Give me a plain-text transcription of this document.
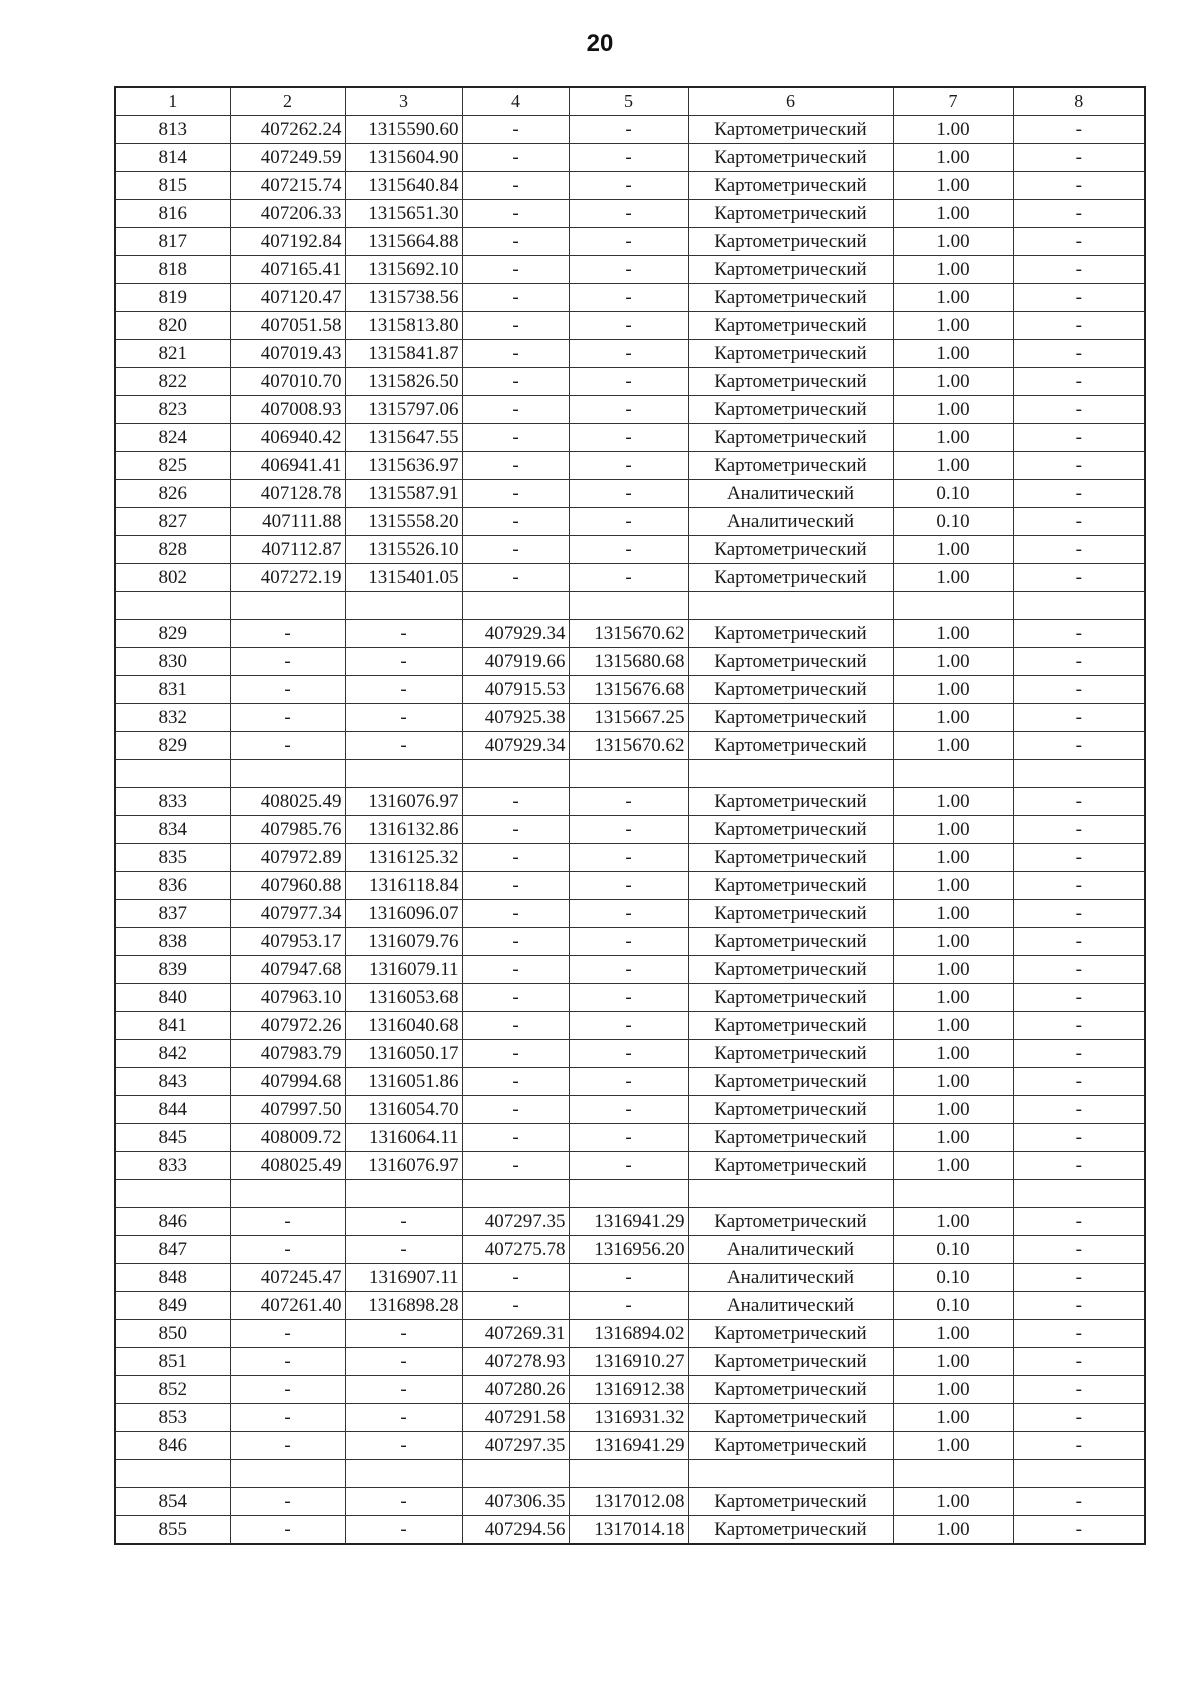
20
1	2	3	4	5	6	7	8
813	407262.24	1315590.60	-	-	Картометрический	1.00	-
814	407249.59	1315604.90	-	-	Картометрический	1.00	-
815	407215.74	1315640.84	-	-	Картометрический	1.00	-
816	407206.33	1315651.30	-	-	Картометрический	1.00	-
817	407192.84	1315664.88	-	-	Картометрический	1.00	-
818	407165.41	1315692.10	-	-	Картометрический	1.00	-
819	407120.47	1315738.56	-	-	Картометрический	1.00	-
820	407051.58	1315813.80	-	-	Картометрический	1.00	-
821	407019.43	1315841.87	-	-	Картометрический	1.00	-
822	407010.70	1315826.50	-	-	Картометрический	1.00	-
823	407008.93	1315797.06	-	-	Картометрический	1.00	-
824	406940.42	1315647.55	-	-	Картометрический	1.00	-
825	406941.41	1315636.97	-	-	Картометрический	1.00	-
826	407128.78	1315587.91	-	-	Аналитический	0.10	-
827	407111.88	1315558.20	-	-	Аналитический	0.10	-
828	407112.87	1315526.10	-	-	Картометрический	1.00	-
802	407272.19	1315401.05	-	-	Картометрический	1.00	-

829	-	-	407929.34	1315670.62	Картометрический	1.00	-
830	-	-	407919.66	1315680.68	Картометрический	1.00	-
831	-	-	407915.53	1315676.68	Картометрический	1.00	-
832	-	-	407925.38	1315667.25	Картометрический	1.00	-
829	-	-	407929.34	1315670.62	Картометрический	1.00	-

833	408025.49	1316076.97	-	-	Картометрический	1.00	-
834	407985.76	1316132.86	-	-	Картометрический	1.00	-
835	407972.89	1316125.32	-	-	Картометрический	1.00	-
836	407960.88	1316118.84	-	-	Картометрический	1.00	-
837	407977.34	1316096.07	-	-	Картометрический	1.00	-
838	407953.17	1316079.76	-	-	Картометрический	1.00	-
839	407947.68	1316079.11	-	-	Картометрический	1.00	-
840	407963.10	1316053.68	-	-	Картометрический	1.00	-
841	407972.26	1316040.68	-	-	Картометрический	1.00	-
842	407983.79	1316050.17	-	-	Картометрический	1.00	-
843	407994.68	1316051.86	-	-	Картометрический	1.00	-
844	407997.50	1316054.70	-	-	Картометрический	1.00	-
845	408009.72	1316064.11	-	-	Картометрический	1.00	-
833	408025.49	1316076.97	-	-	Картометрический	1.00	-

846	-	-	407297.35	1316941.29	Картометрический	1.00	-
847	-	-	407275.78	1316956.20	Аналитический	0.10	-
848	407245.47	1316907.11	-	-	Аналитический	0.10	-
849	407261.40	1316898.28	-	-	Аналитический	0.10	-
850	-	-	407269.31	1316894.02	Картометрический	1.00	-
851	-	-	407278.93	1316910.27	Картометрический	1.00	-
852	-	-	407280.26	1316912.38	Картометрический	1.00	-
853	-	-	407291.58	1316931.32	Картометрический	1.00	-
846	-	-	407297.35	1316941.29	Картометрический	1.00	-

854	-	-	407306.35	1317012.08	Картометрический	1.00	-
855	-	-	407294.56	1317014.18	Картометрический	1.00	-
